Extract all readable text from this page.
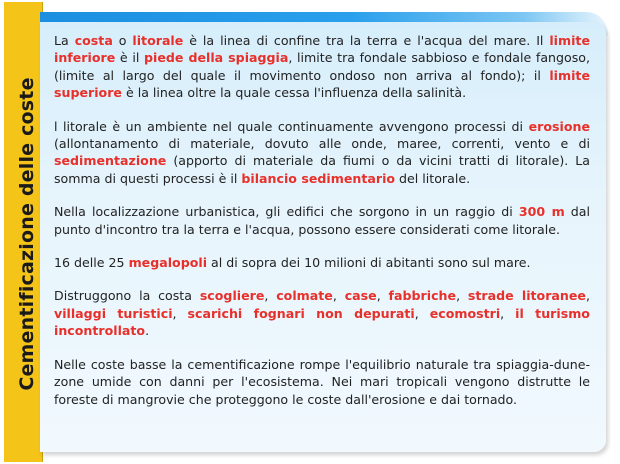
Cementificazione delle coste

La costa o litorale è la linea di confine tra la terra e l'acqua del mare. Il limite inferiore è il piede della spiaggia, limite tra fondale sabbioso e fondale fangoso, (limite al largo del quale il movimento ondoso non arriva al fondo); il limite superiore è la linea oltre la quale cessa l'influenza della salinità.

l litorale è un ambiente nel quale continuamente avvengono processi di erosione (allontanamento di materiale, dovuto alle onde, maree, correnti, vento e di sedimentazione (apporto di materiale da fiumi o da vicini tratti di litorale). La somma di questi processi è il bilancio sedimentario del litorale.

Nella localizzazione urbanistica, gli edifici che sorgono in un raggio di 300 m dal punto d'incontro tra la terra e l'acqua, possono essere considerati come litorale.

16 delle 25 megalopoli al di sopra dei 10 milioni di abitanti sono sul mare.

Distruggono la costa scogliere, colmate, case, fabbriche, strade litoranee, villaggi turistici, scarichi fognari non depurati, ecomostri, il turismo incontrollato.

Nelle coste basse la cementificazione rompe l'equilibrio naturale tra spiaggia-dune-zone umide con danni per l'ecosistema. Nei mari tropicali vengono distrutte le foreste di mangrovie che proteggono le coste dall'erosione e dai tornado.
